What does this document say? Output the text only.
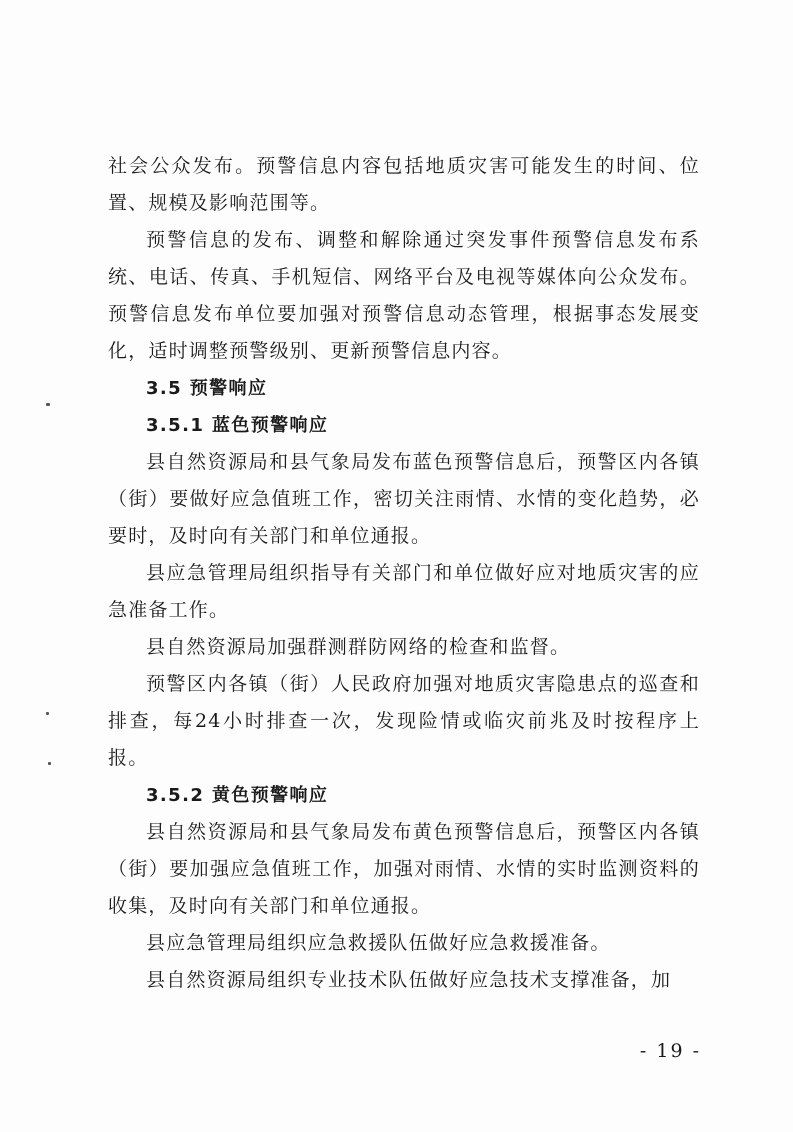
社会公众发布。预警信息内容包括地质灾害可能发生的时间、位置、规模及影响范围等。

预警信息的发布、调整和解除通过突发事件预警信息发布系统、电话、传真、手机短信、网络平台及电视等媒体向公众发布。预警信息发布单位要加强对预警信息动态管理，根据事态发展变化，适时调整预警级别、更新预警信息内容。

3.5 预警响应

3.5.1 蓝色预警响应

县自然资源局和县气象局发布蓝色预警信息后，预警区内各镇（街）要做好应急值班工作，密切关注雨情、水情的变化趋势，必要时，及时向有关部门和单位通报。

县应急管理局组织指导有关部门和单位做好应对地质灾害的应急准备工作。

县自然资源局加强群测群防网络的检查和监督。

预警区内各镇（街）人民政府加强对地质灾害隐患点的巡查和排查，每24小时排查一次，发现险情或临灾前兆及时按程序上报。

3.5.2 黄色预警响应

县自然资源局和县气象局发布黄色预警信息后，预警区内各镇（街）要加强应急值班工作，加强对雨情、水情的实时监测资料的收集，及时向有关部门和单位通报。

县应急管理局组织应急救援队伍做好应急救援准备。

县自然资源局组织专业技术队伍做好应急技术支撑准备，加

- 19 -
